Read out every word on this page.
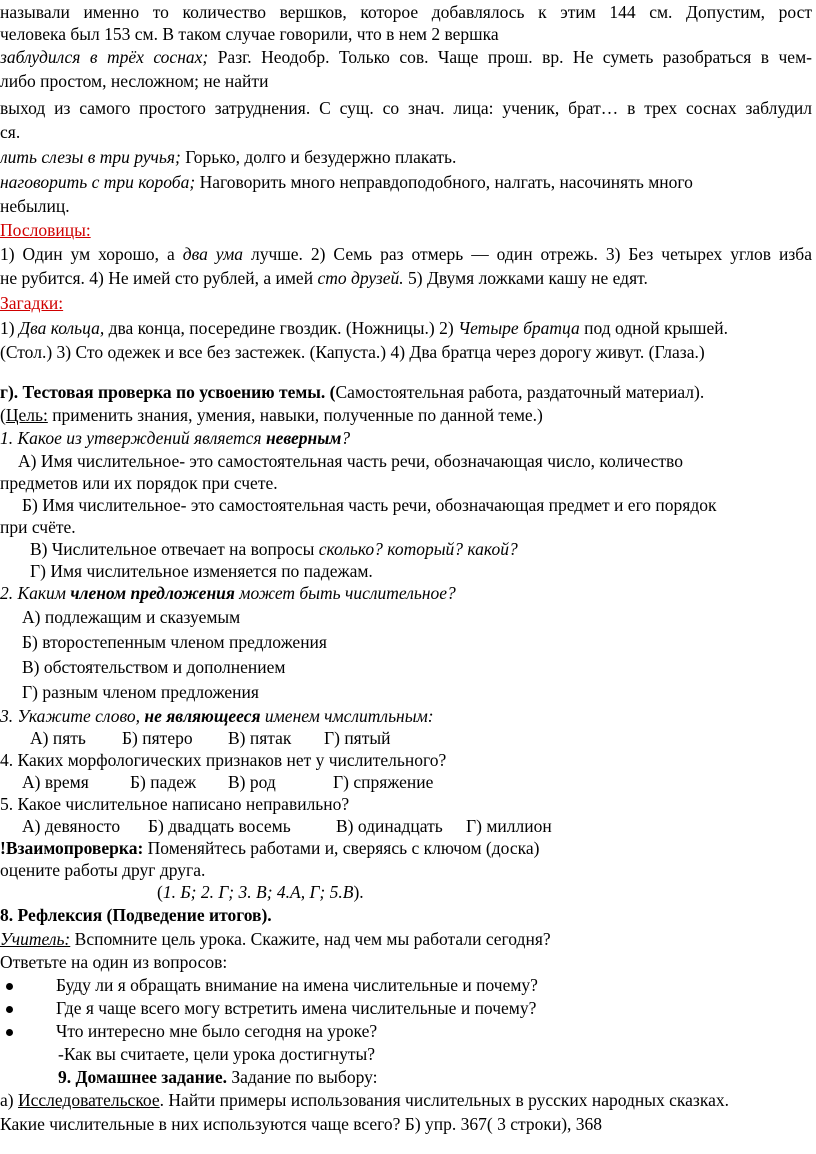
называли именно то количество вершков, которое добавлялось к этим 144 см. Допустим, рост
человека был 153 см. В таком случае говорили, что в нем 2 вершка
заблудился в трёх соснах; Разг. Неодобр. Только сов. Чаще прош. вр. Не суметь разобраться в чем-
либо простом, несложном; не найти
выход из самого простого затруднения. С сущ. со знач. лица: ученик, брат… в трех соснах заблудил
ся.
лить слезы в три ручья; Горько, долго и безудержно плакать.
наговорить с три короба; Наговорить много неправдоподобного, налгать, насочинять много
небылиц.
Пословицы:
1) Один ум хорошо, а два ума лучше. 2) Семь раз отмерь — один отрежь. 3) Без четырех углов изба
не рубится. 4) Не имей сто рублей, а имей сто друзей. 5) Двумя ложками кашу не едят.
Загадки:
1) Два кольца, два конца, посередине гвоздик. (Ножницы.) 2) Четыре братца под одной крышей.
(Стол.) 3) Сто одежек и все без застежек. (Капуста.) 4) Два братца через дорогу живут. (Глаза.)
г). Тестовая проверка по усвоению темы. (Самостоятельная работа, раздаточный материал).
(Цель: применить знания, умения, навыки, полученные по данной теме.)
1. Какое из утверждений является неверным?
А) Имя числительное- это самостоятельная часть речи, обозначающая число, количество
предметов или их порядок при счете.
Б) Имя числительное- это самостоятельная часть речи, обозначающая предмет и его порядок
при счёте.
В) Числительное отвечает на вопросы сколько? который? какой?
Г) Имя числительное изменяется по падежам.
2. Каким членом предложения может быть числительное?
А) подлежащим и сказуемым
Б) второстепенным членом предложения
В) обстоятельством и дополнением
Г) разным членом предложения
3. Укажите слово, не являющееся именем чмслитльным:
А) пять Б) пятеро В) пятак Г) пятый
4. Каких морфологических признаков нет у числительного?
А) время Б) падеж В) род	Г) спряжение
5. Какое числительное написано неправильно?
А) девяносто Б) двадцать восемь	В) одинадцать Г) миллион
!Взаимопроверка: Поменяйтесь работами и, сверяясь с ключом (доска)
оцените работы друг друга.
(1. Б; 2. Г; 3. В; 4.А, Г; 5.В).
8. Рефлексия (Подведение итогов).
Учитель: Вспомните цель урока. Скажите, над чем мы работали сегодня?
Ответьте на один из вопросов:
Буду ли я обращать внимание на имена числительные и почему?
Где я чаще всего могу встретить имена числительные и почему?
Что интересно мне было сегодня на уроке?
-Как вы считаете, цели урока достигнуты?
9. Домашнее задание. Задание по выбору:
а) Исследовательское. Найти примеры использования числительных в русских народных сказках.
Какие числительные в них используются чаще всего? Б) упр. 367( 3 строки), 368
